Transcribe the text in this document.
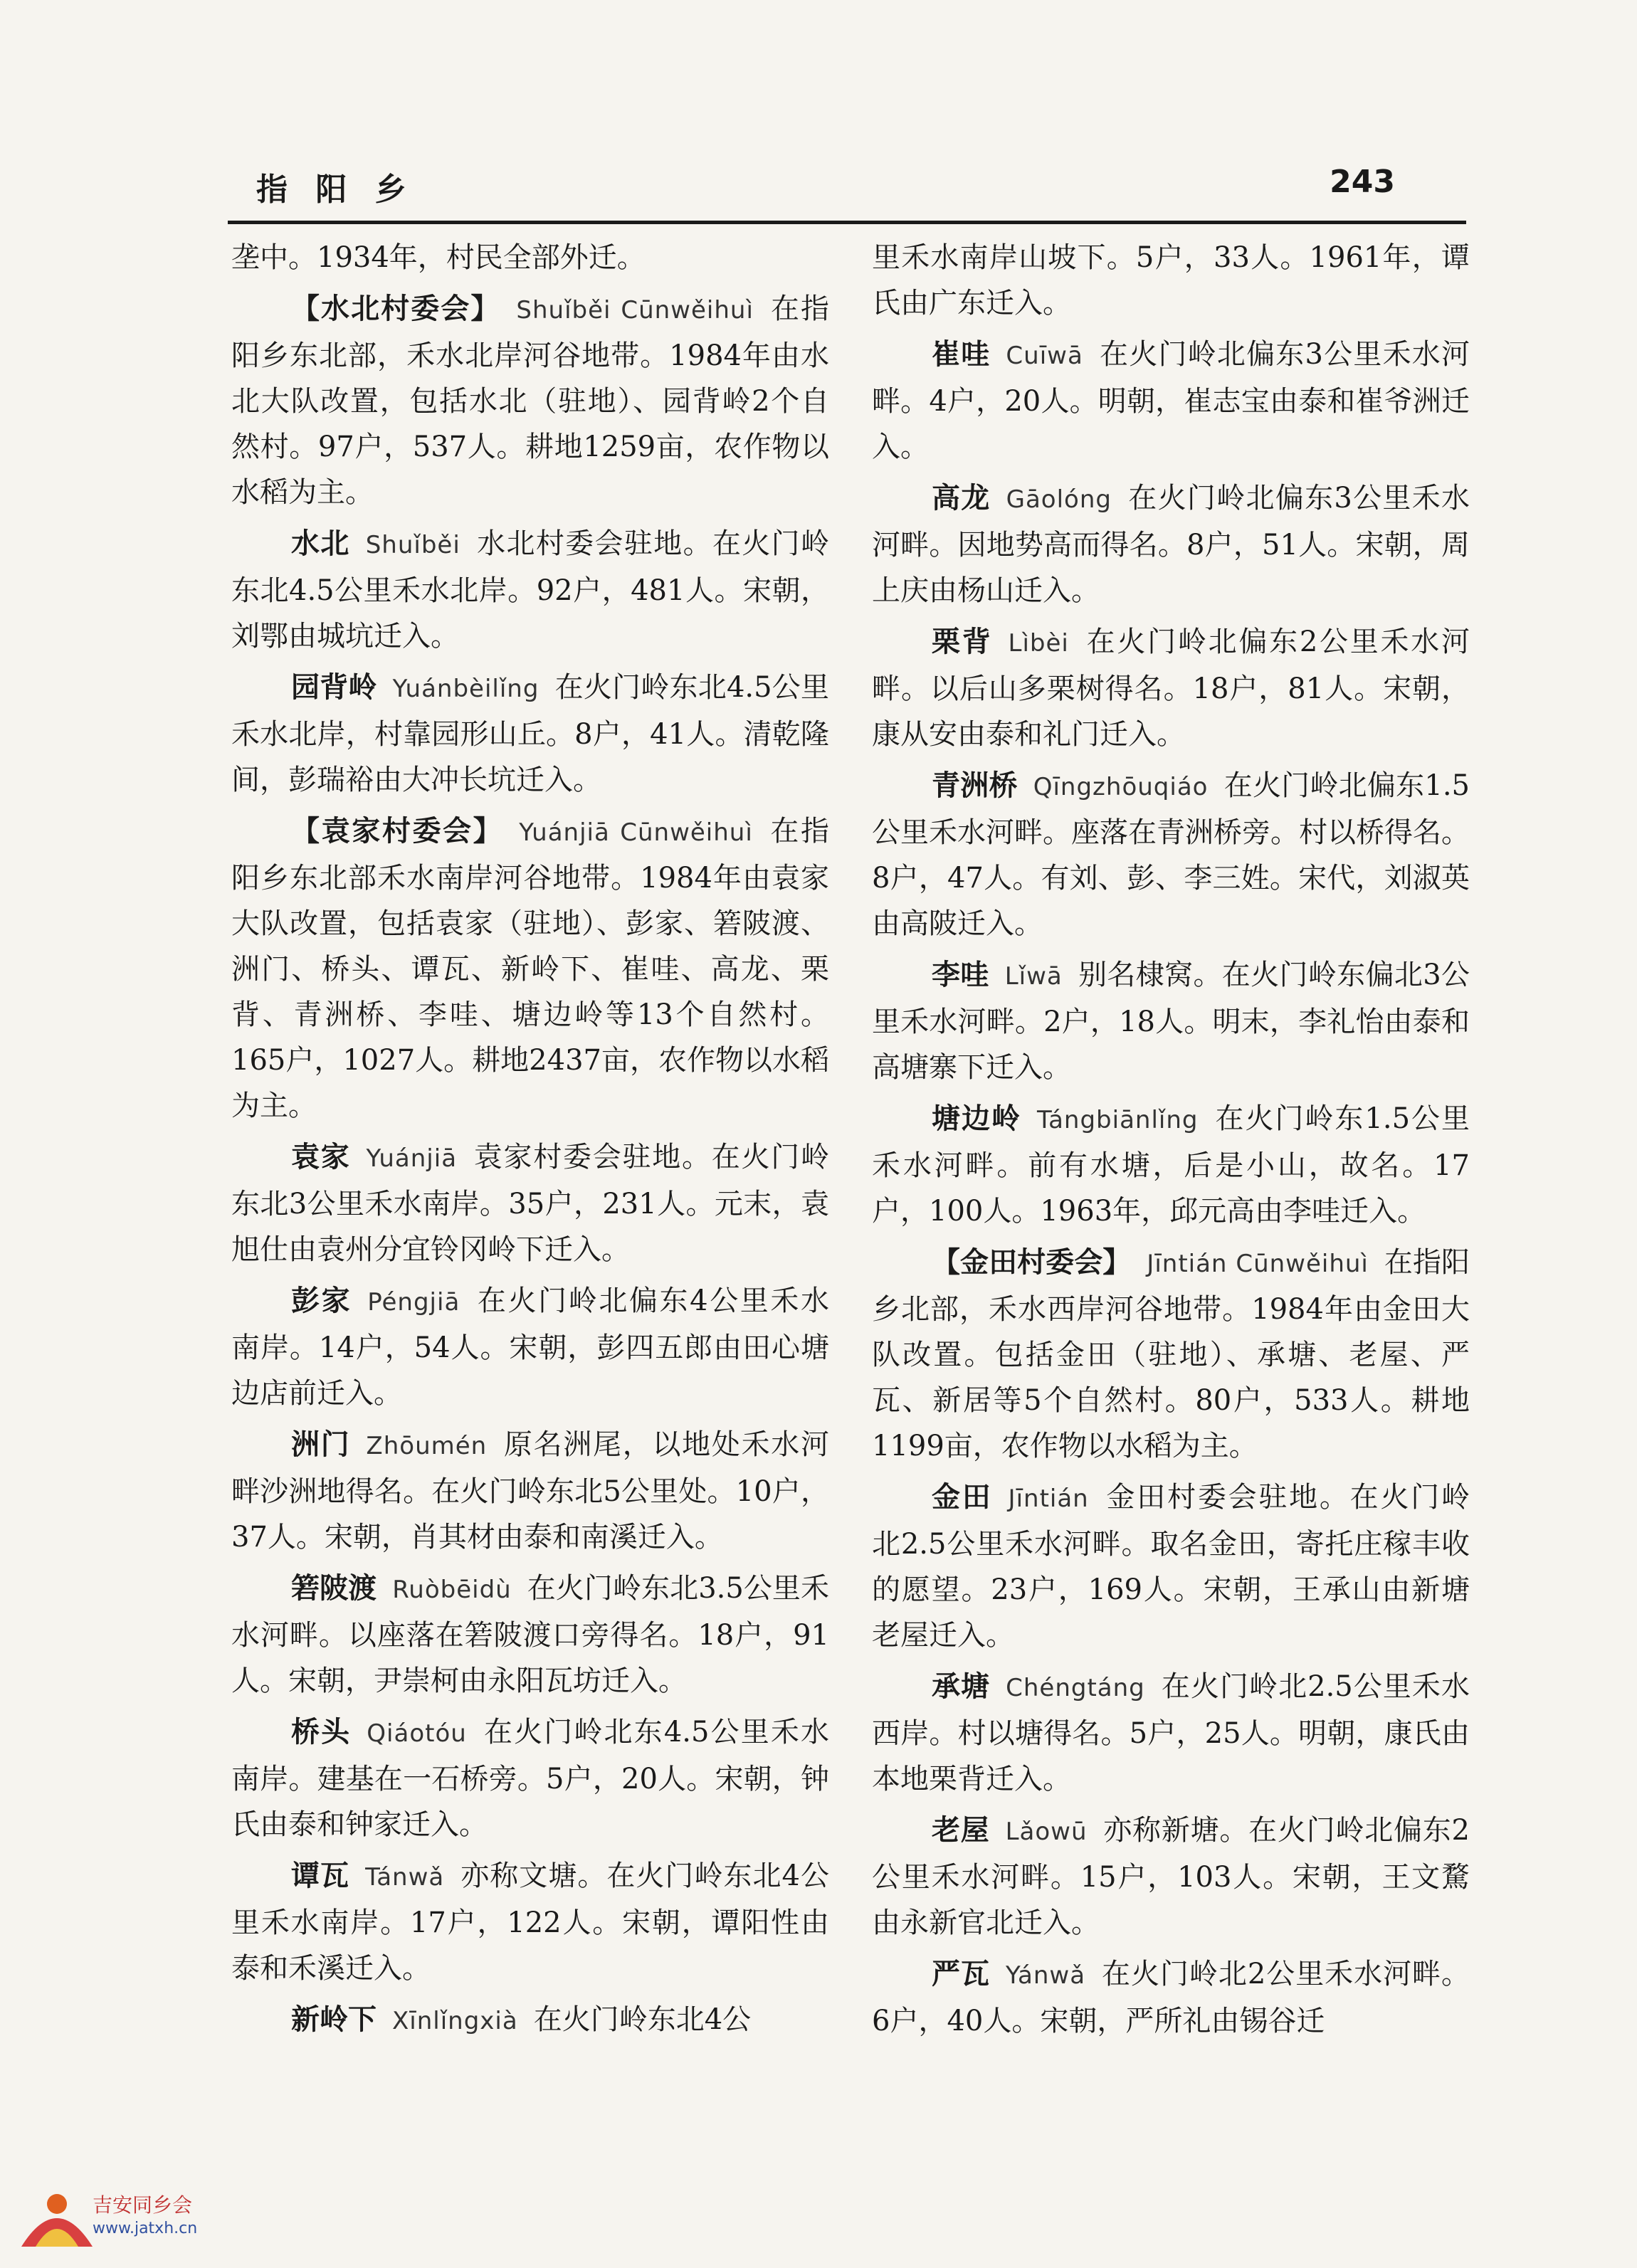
指 阳 乡	243

垄中。1934年，村民全部外迁。

【水北村委会】 Shuǐběi Cūnwěihuì 在指阳乡东北部，禾水北岸河谷地带。1984年由水北大队改置，包括水北（驻地）、园背岭2个自然村。97户，537人。耕地1259亩，农作物以水稻为主。

水北 Shuǐběi 水北村委会驻地。在火门岭东北4.5公里禾水北岸。92户，481人。宋朝，刘鄂由城坑迁入。

园背岭 Yuánbèilǐng 在火门岭东北4.5公里禾水北岸，村靠园形山丘。8户，41人。清乾隆间，彭瑞裕由大冲长坑迁入。

【袁家村委会】 Yuánjiā Cūnwěihuì 在指阳乡东北部禾水南岸河谷地带。1984年由袁家大队改置，包括袁家（驻地）、彭家、箬陂渡、洲门、桥头、谭瓦、新岭下、崔哇、高龙、栗背、青洲桥、李哇、塘边岭等13个自然村。165户，1027人。耕地2437亩，农作物以水稻为主。

袁家 Yuánjiā 袁家村委会驻地。在火门岭东北3公里禾水南岸。35户，231人。元末，袁旭仕由袁州分宜铃冈岭下迁入。

彭家 Péngjiā 在火门岭北偏东4公里禾水南岸。14户，54人。宋朝，彭四五郎由田心塘边店前迁入。

洲门 Zhōumén 原名洲尾，以地处禾水河畔沙洲地得名。在火门岭东北5公里处。10户，37人。宋朝，肖其材由泰和南溪迁入。

箬陂渡 Ruòbēidù 在火门岭东北3.5公里禾水河畔。以座落在箬陂渡口旁得名。18户，91人。宋朝，尹崇柯由永阳瓦坊迁入。

桥头 Qiáotóu 在火门岭北东4.5公里禾水南岸。建基在一石桥旁。5户，20人。宋朝，钟氏由泰和钟家迁入。

谭瓦 Tánwǎ 亦称文塘。在火门岭东北4公里禾水南岸。17户，122人。宋朝，谭阳性由泰和禾溪迁入。

新岭下 Xīnlǐngxià 在火门岭东北4公

里禾水南岸山坡下。5户，33人。1961年，谭氏由广东迁入。

崔哇 Cuīwā 在火门岭北偏东3公里禾水河畔。4户，20人。明朝，崔志宝由泰和崔爷洲迁入。

高龙 Gāolóng 在火门岭北偏东3公里禾水河畔。因地势高而得名。8户，51人。宋朝，周上庆由杨山迁入。

栗背 Lìbèi 在火门岭北偏东2公里禾水河畔。以后山多栗树得名。18户，81人。宋朝，康从安由泰和礼门迁入。

青洲桥 Qīngzhōuqiáo 在火门岭北偏东1.5公里禾水河畔。座落在青洲桥旁。村以桥得名。8户，47人。有刘、彭、李三姓。宋代，刘淑英由高陂迁入。

李哇 Lǐwā 别名棣窝。在火门岭东偏北3公里禾水河畔。2户，18人。明末，李礼怡由泰和高塘寨下迁入。

塘边岭 Tángbiānlǐng 在火门岭东1.5公里禾水河畔。前有水塘，后是小山，故名。17户，100人。1963年，邱元高由李哇迁入。

【金田村委会】 Jīntián Cūnwěihuì 在指阳乡北部，禾水西岸河谷地带。1984年由金田大队改置。包括金田（驻地）、承塘、老屋、严瓦、新居等5个自然村。80户，533人。耕地1199亩，农作物以水稻为主。

金田 Jīntián 金田村委会驻地。在火门岭北2.5公里禾水河畔。取名金田，寄托庄稼丰收的愿望。23户，169人。宋朝，王承山由新塘老屋迁入。

承塘 Chéngtáng 在火门岭北2.5公里禾水西岸。村以塘得名。5户，25人。明朝，康氏由本地栗背迁入。

老屋 Lǎowū 亦称新塘。在火门岭北偏东2公里禾水河畔。15户，103人。宋朝，王文騖由永新官北迁入。

严瓦 Yánwǎ 在火门岭北2公里禾水河畔。6户，40人。宋朝，严所礼由锡谷迁

吉安同乡会
www.jatxh.cn
